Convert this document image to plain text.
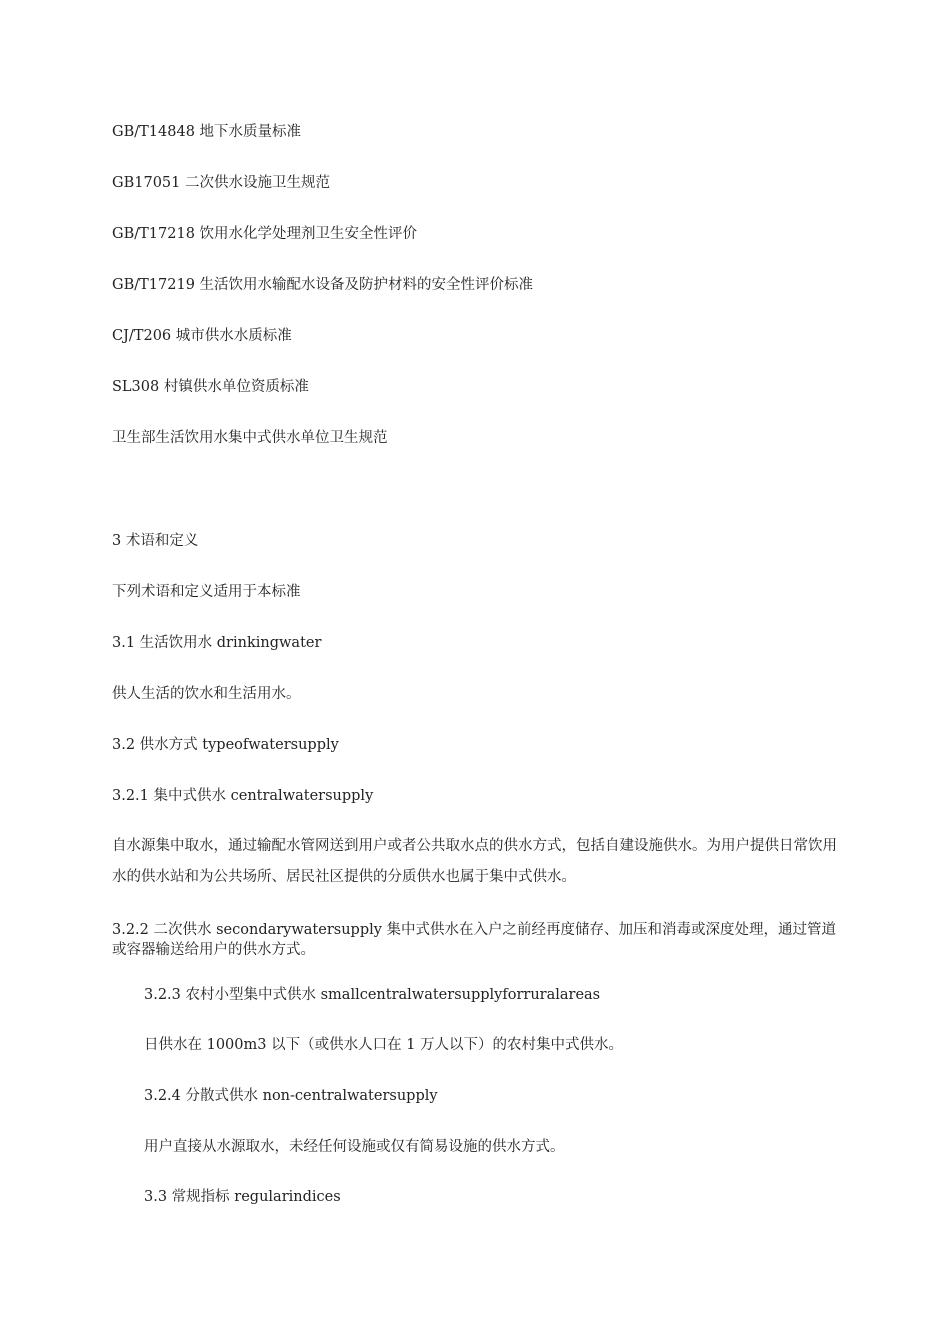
GB/T14848 地下水质量标准
GB17051 二次供水设施卫生规范
GB/T17218 饮用水化学处理剂卫生安全性评价
GB/T17219 生活饮用水输配水设备及防护材料的安全性评价标准
CJ/T206 城市供水水质标准
SL308 村镇供水单位资质标准
卫生部生活饮用水集中式供水单位卫生规范

3 术语和定义

下列术语和定义适用于本标准

3.1 生活饮用水 drinkingwater

供人生活的饮水和生活用水。

3.2 供水方式 typeofwatersupply

3.2.1 集中式供水 centralwatersupply

自水源集中取水，通过输配水管网送到用户或者公共取水点的供水方式，包括自建设施供水。为用户提供日常饮用水的供水站和为公共场所、居民社区提供的分质供水也属于集中式供水。

3.2.2 二次供水 secondarywatersupply 集中式供水在入户之前经再度储存、加压和消毒或深度处理，通过管道或容器输送给用户的供水方式。

3.2.3 农村小型集中式供水 smallcentralwatersupplyforruralareas

日供水在 1000m3 以下（或供水人口在 1 万人以下）的农村集中式供水。

3.2.4 分散式供水 non-centralwatersupply

用户直接从水源取水，未经任何设施或仅有简易设施的供水方式。

3.3 常规指标 regularindices
